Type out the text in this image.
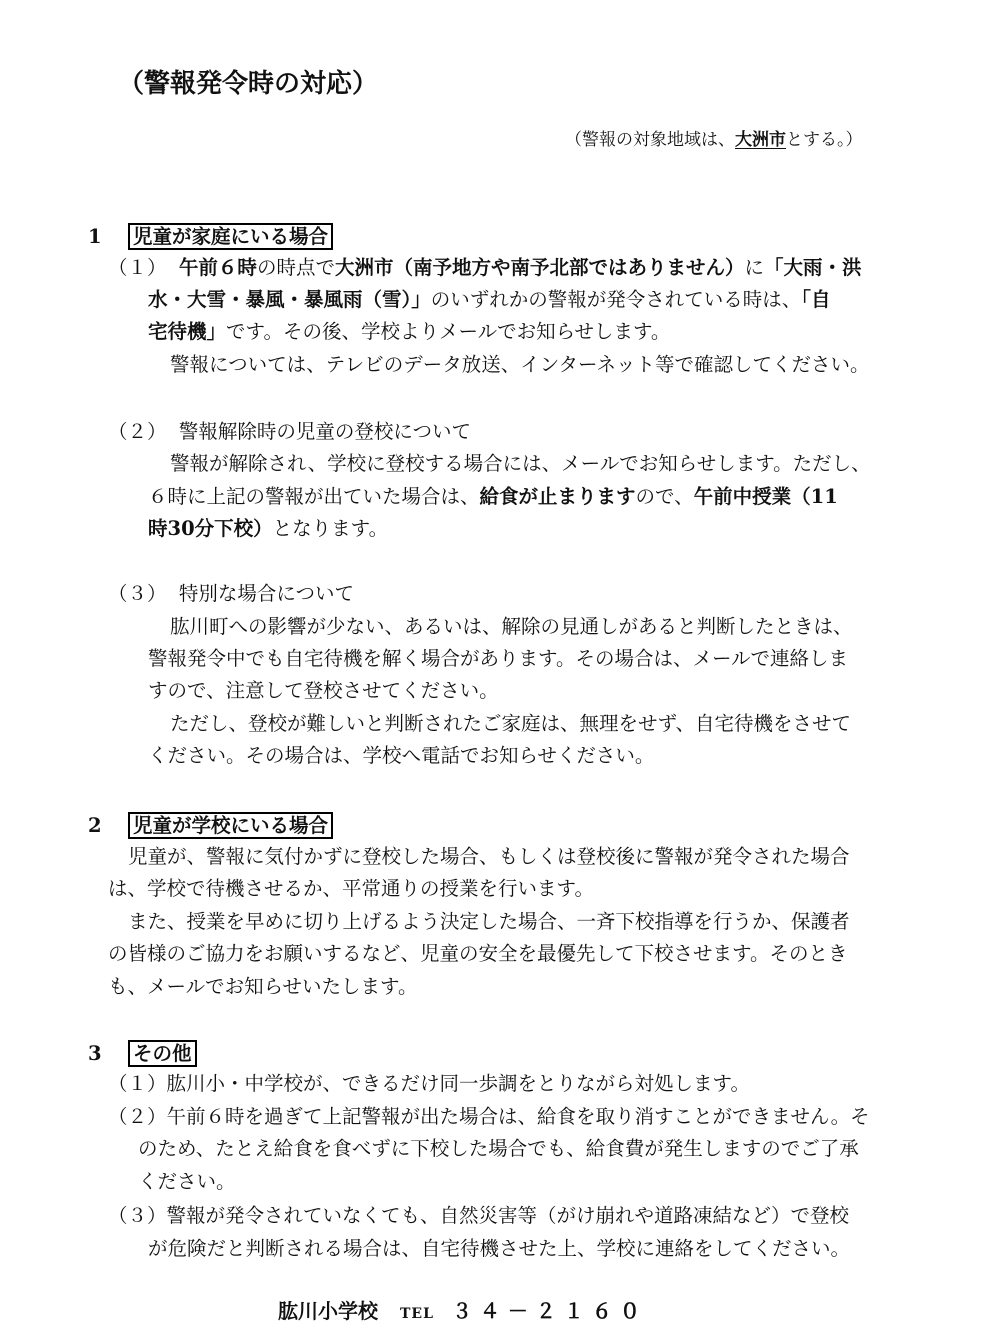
（警報発令時の対応）
（警報の対象地域は、大洲市とする。）
1 児童が家庭にいる場合
（１） 午前６時の時点で大洲市（南予地方や南予北部ではありません）に「大雨・洪
水・大雪・暴風・暴風雨（雪）」のいずれかの警報が発令されている時は、「自
宅待機」です。その後、学校よりメールでお知らせします。
警報については、テレビのデータ放送、インターネット等で確認してください。
（２） 警報解除時の児童の登校について
警報が解除され、学校に登校する場合には、メールでお知らせします。ただし、
６時に上記の警報が出ていた場合は、給食が止まりますので、午前中授業（11
時30分下校）となります。
（３） 特別な場合について
肱川町への影響が少ない、あるいは、解除の見通しがあると判断したときは、
警報発令中でも自宅待機を解く場合があります。その場合は、メールで連絡しま
すので、注意して登校させてください。
ただし、登校が難しいと判断されたご家庭は、無理をせず、自宅待機をさせて
ください。その場合は、学校へ電話でお知らせください。
2 児童が学校にいる場合
児童が、警報に気付かずに登校した場合、もしくは登校後に警報が発令された場合
は、学校で待機させるか、平常通りの授業を行います。
また、授業を早めに切り上げるよう決定した場合、一斉下校指導を行うか、保護者
の皆様のご協力をお願いするなど、児童の安全を最優先して下校させます。そのとき
も、メールでお知らせいたします。
3 その他
（１）肱川小・中学校が、できるだけ同一歩調をとりながら対処します。
（２）午前６時を過ぎて上記警報が出た場合は、給食を取り消すことができません。そ
のため、たとえ給食を食べずに下校した場合でも、給食費が発生しますのでご了承
ください。
（３）警報が発令されていなくても、自然災害等（がけ崩れや道路凍結など）で登校
が危険だと判断される場合は、自宅待機させた上、学校に連絡をしてください。
肱川小学校 TEL ３４－２１６０
